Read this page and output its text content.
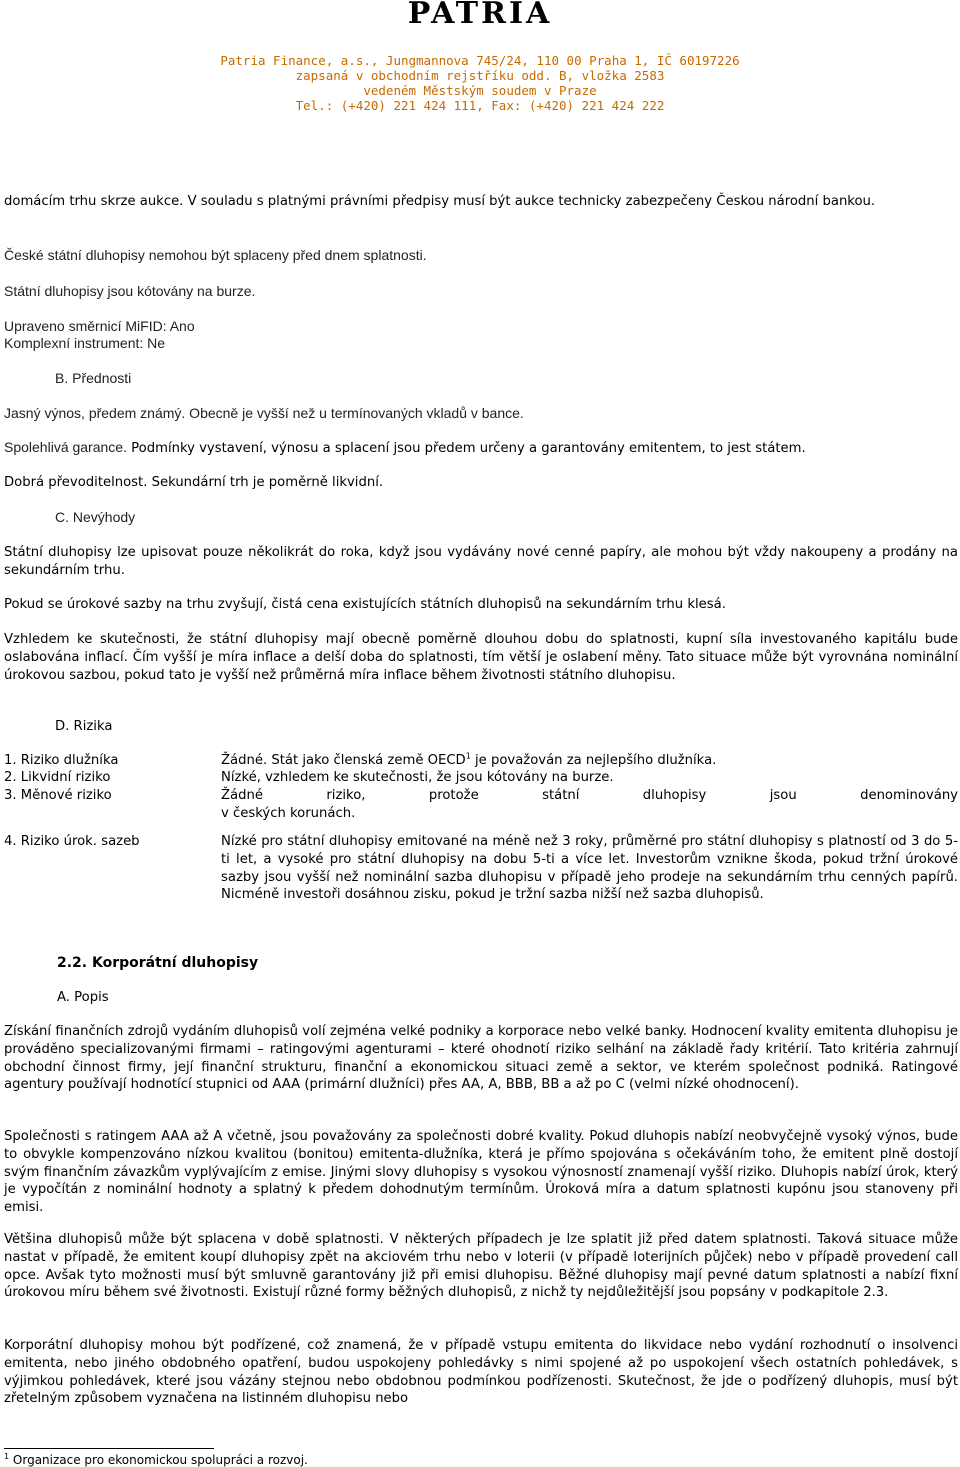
PATRIA
Patria Finance, a.s., Jungmannova 745/24, 110 00 Praha 1, IČ 60197226
zapsaná v obchodním rejstříku odd. B, vložka 2583
vedeném Městským soudem v Praze
Tel.: (+420) 221 424 111, Fax: (+420) 221 424 222

domácím trhu skrze aukce. V souladu s platnými právními předpisy musí být aukce technicky zabezpečeny Českou národní bankou.

České státní dluhopisy nemohou být splaceny před dnem splatnosti.

Státní dluhopisy jsou kótovány na burze.

Upraveno směrnicí MiFID: Ano

Komplexní instrument: Ne

B. Přednosti

Jasný výnos, předem známý. Obecně je vyšší než u termínovaných vkladů v bance.

Spolehlivá garance. Podmínky vystavení, výnosu a splacení jsou předem určeny a garantovány emitentem, to jest státem.

Dobrá převoditelnost. Sekundární trh je poměrně likvidní.

C. Nevýhody

Státní dluhopisy lze upisovat pouze několikrát do roka, když jsou vydávány nové cenné papíry, ale mohou být vždy nakoupeny a prodány na sekundárním trhu.

Pokud se úrokové sazby na trhu zvyšují, čistá cena existujících státních dluhopisů na sekundárním trhu klesá.

Vzhledem ke skutečnosti, že státní dluhopisy mají obecně poměrně dlouhou dobu do splatnosti, kupní síla investovaného kapitálu bude oslabována inflací. Čím vyšší je míra inflace a delší doba do splatnosti, tím větší je oslabení měny. Tato situace může být vyrovnána nominální úrokovou sazbou, pokud tato je vyšší než průměrná míra inflace během životnosti státního dluhopisu.

D. Rizika

1. Riziko dlužníka	Žádné. Stát jako členská země OECD$^1$ je považován za nejlepšího dlužníka.
2. Likvidní riziko	Nízké, vzhledem ke skutečnosti, že jsou kótovány na burze.
3. Měnové riziko	Žádné riziko, protože státní dluhopisy jsou denominovány
v českých korunách.
4. Riziko úrok. sazeb	Nízké pro státní dluhopisy emitované na méně než 3 roky, průměrné pro státní dluhopisy s platností od 3 do 5-ti let, a vysoké pro státní dluhopisy na dobu 5-ti a více let. Investorům vznikne škoda, pokud tržní úrokové sazby jsou vyšší než nominální sazba dluhopisu v případě jeho prodeje na sekundárním trhu cenných papírů. Nicméně investoři dosáhnou zisku, pokud je tržní sazba nižší než sazba dluhopisů.

2.2. Korporátní dluhopisy

A. Popis

Získání finančních zdrojů vydáním dluhopisů volí zejména velké podniky a korporace nebo velké banky. Hodnocení kvality emitenta dluhopisu je prováděno specializovanými firmami – ratingovými agenturami – které ohodnotí riziko selhání na základě řady kritérií. Tato kritéria zahrnují obchodní činnost firmy, její finanční strukturu, finanční a ekonomickou situaci země a sektor, ve kterém společnost podniká. Ratingové agentury používají hodnotící stupnici od AAA (primární dlužníci) přes AA, A, BBB, BB a až po C (velmi nízké ohodnocení).

Společnosti s ratingem AAA až A včetně, jsou považovány za společnosti dobré kvality. Pokud dluhopis nabízí neobvyčejně vysoký výnos, bude to obvykle kompenzováno nízkou kvalitou (bonitou) emitenta-dlužníka, která je přímo spojována s očekáváním toho, že emitent plně dostojí svým finančním závazkům vyplývajícím z emise. Jinými slovy dluhopisy s vysokou výnosností znamenají vyšší riziko. Dluhopis nabízí úrok, který je vypočítán z nominální hodnoty a splatný k předem dohodnutým termínům. Úroková míra a datum splatnosti kupónu jsou stanoveny při emisi.

Většina dluhopisů může být splacena v době splatnosti. V některých případech je lze splatit již před datem splatnosti. Taková situace může nastat v případě, že emitent koupí dluhopisy zpět na akciovém trhu nebo v loterii (v případě loterijních půjček) nebo v případě provedení call opce. Avšak tyto možnosti musí být smluvně garantovány již při emisi dluhopisu. Běžné dluhopisy mají pevné datum splatnosti a nabízí fixní úrokovou míru během své životnosti. Existují různé formy běžných dluhopisů, z nichž ty nejdůležitější jsou popsány v podkapitole 2.3.

Korporátní dluhopisy mohou být podřízené, což znamená, že v případě vstupu emitenta do likvidace nebo vydání rozhodnutí o insolvenci emitenta, nebo jiného obdobného opatření, budou uspokojeny pohledávky s nimi spojené až po uspokojení všech ostatních pohledávek, s výjimkou pohledávek, které jsou vázány stejnou nebo obdobnou podmínkou podřízenosti. Skutečnost, že jde o podřízený dluhopis, musí být zřetelným způsobem vyznačena na listinném dluhopisu nebo

$^1$ Organizace pro ekonomickou spolupráci a rozvoj.
